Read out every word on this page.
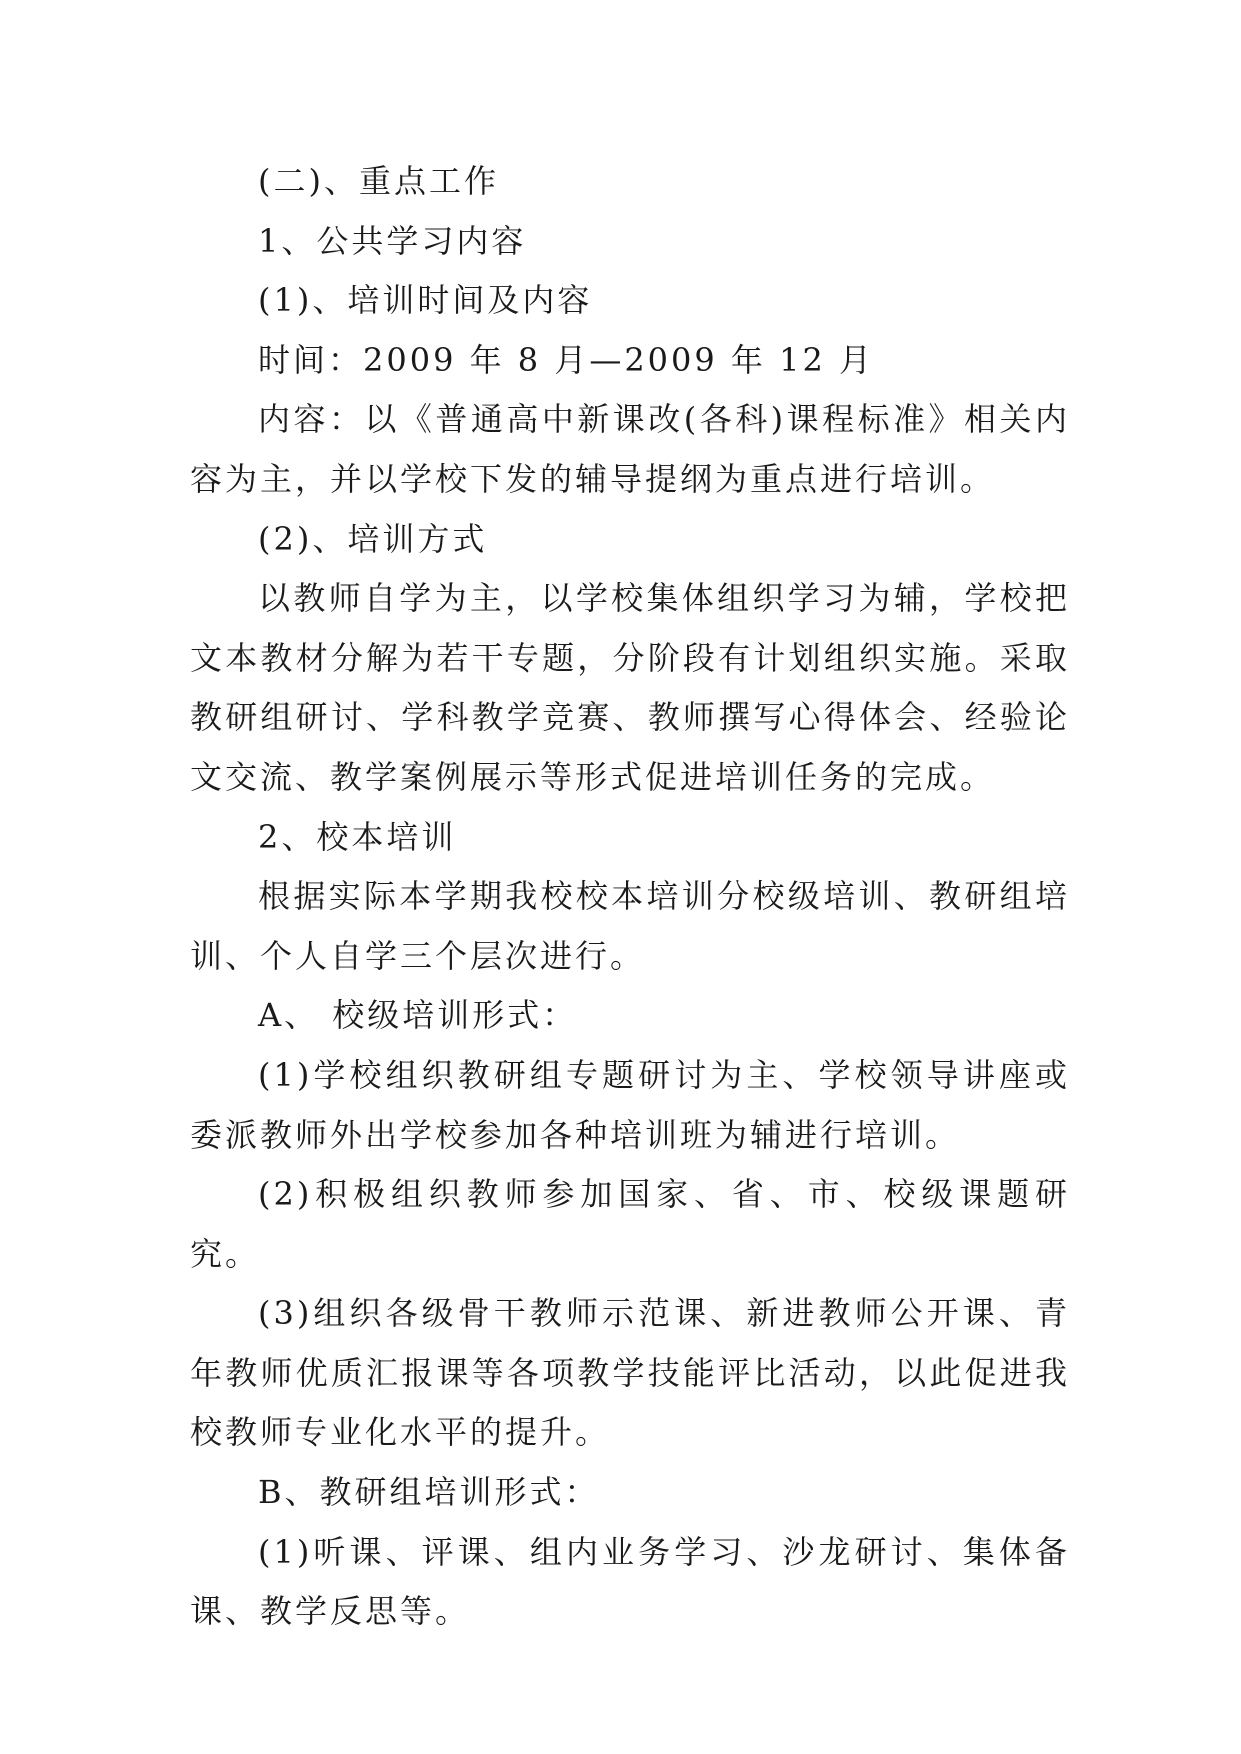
(二)、重点工作

1、公共学习内容

(1)、培训时间及内容

时间：2009 年 8 月—2009 年 12 月

内容：以《普通高中新课改(各科)课程标准》相关内容为主，并以学校下发的辅导提纲为重点进行培训。

(2)、培训方式

以教师自学为主，以学校集体组织学习为辅，学校把文本教材分解为若干专题，分阶段有计划组织实施。采取教研组研讨、学科教学竞赛、教师撰写心得体会、经验论文交流、教学案例展示等形式促进培训任务的完成。

2、校本培训

根据实际本学期我校校本培训分校级培训、教研组培训、个人自学三个层次进行。

A、 校级培训形式：

(1)学校组织教研组专题研讨为主、学校领导讲座或委派教师外出学校参加各种培训班为辅进行培训。

(2)积极组织教师参加国家、省、市、校级课题研究。

(3)组织各级骨干教师示范课、新进教师公开课、青年教师优质汇报课等各项教学技能评比活动，以此促进我校教师专业化水平的提升。

B、教研组培训形式：

(1)听课、评课、组内业务学习、沙龙研讨、集体备课、教学反思等。
